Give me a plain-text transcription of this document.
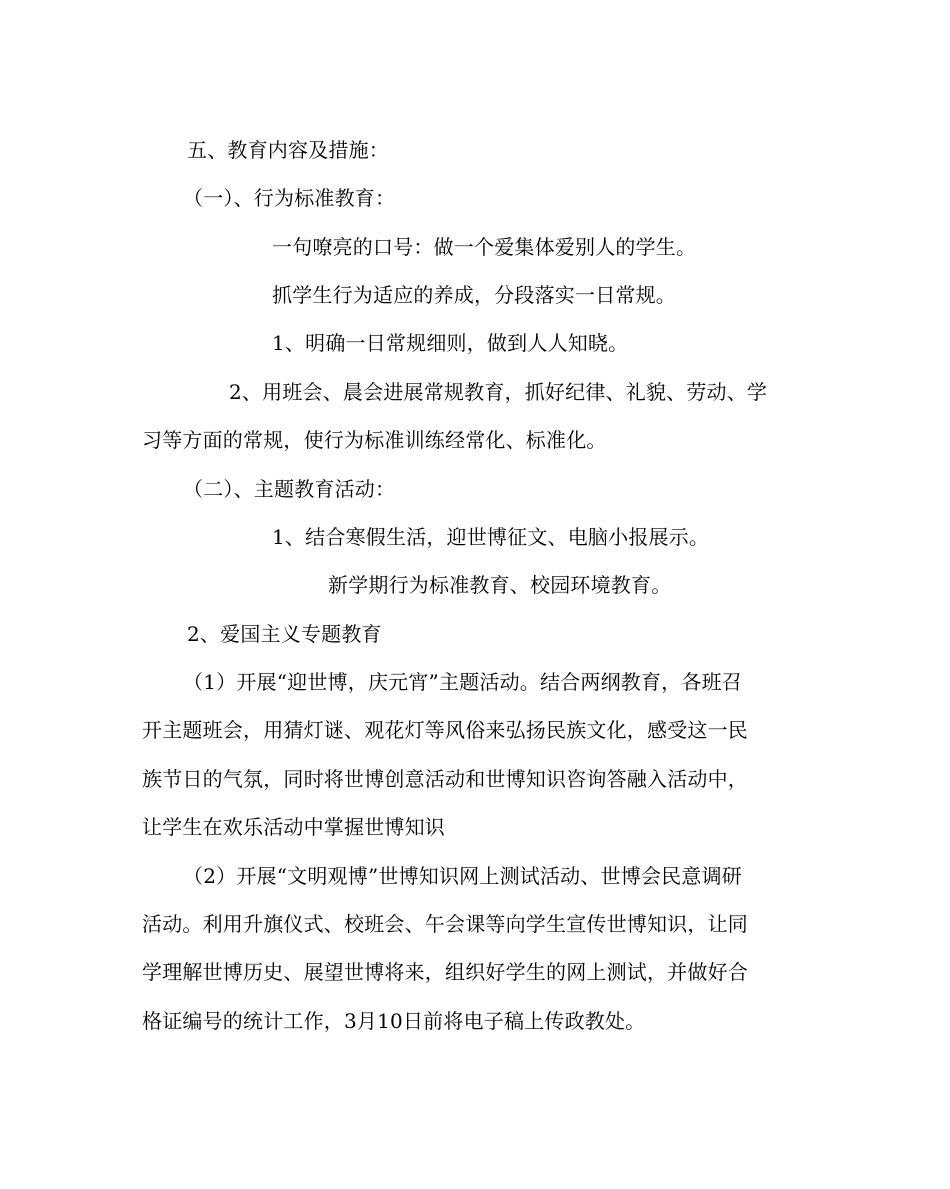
五、教育内容及措施：
（一）、行为标准教育：
一句嘹亮的口号：做一个爱集体爱别人的学生。
抓学生行为适应的养成，分段落实一日常规。
1、明确一日常规细则，做到人人知晓。
2、用班会、晨会进展常规教育，抓好纪律、礼貌、劳动、学
习等方面的常规，使行为标准训练经常化、标准化。
（二）、主题教育活动：
1、结合寒假生活，迎世博征文、电脑小报展示。
新学期行为标准教育、校园环境教育。
2、爱国主义专题教育
（1）开展“迎世博，庆元宵”主题活动。结合两纲教育，各班召
开主题班会，用猜灯谜、观花灯等风俗来弘扬民族文化，感受这一民
族节日的气氛，同时将世博创意活动和世博知识咨询答融入活动中，
让学生在欢乐活动中掌握世博知识
（2）开展“文明观博”世博知识网上测试活动、世博会民意调研
活动。利用升旗仪式、校班会、午会课等向学生宣传世博知识，让同
学理解世博历史、展望世博将来，组织好学生的网上测试，并做好合
格证编号的统计工作，3月10日前将电子稿上传政教处。
